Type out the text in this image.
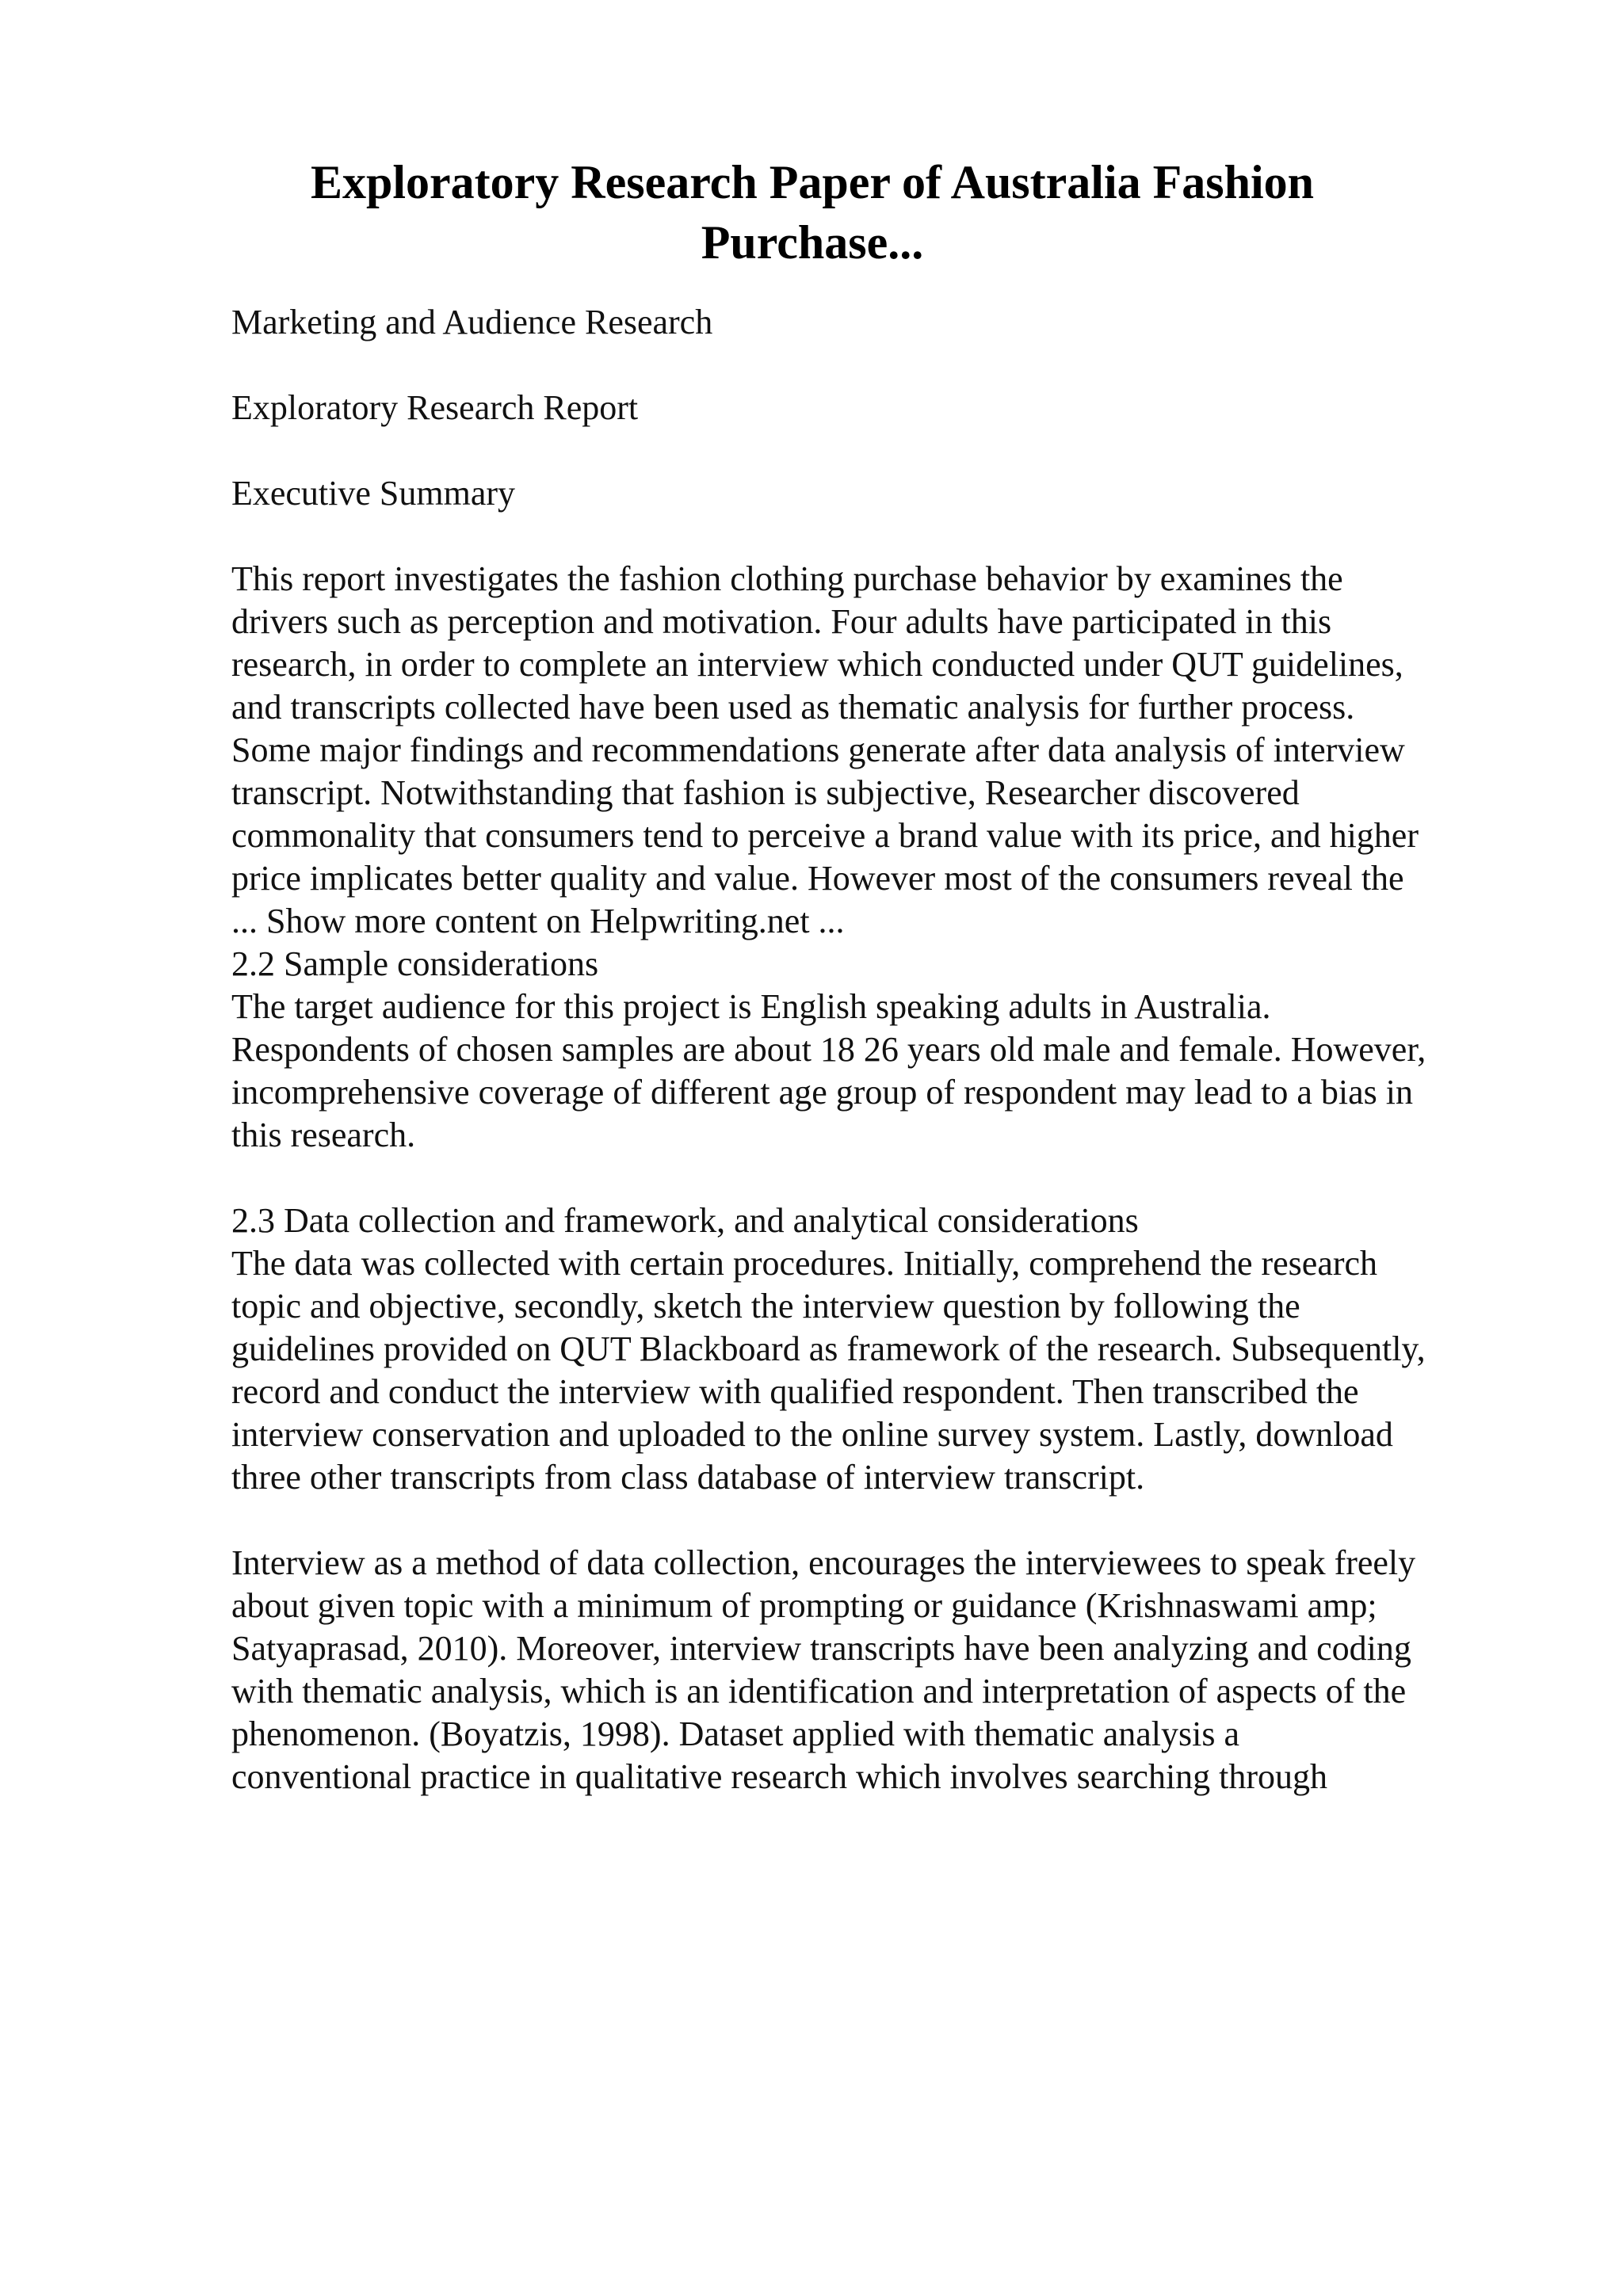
Exploratory Research Paper of Australia Fashion Purchase...

Marketing and Audience Research

Exploratory Research Report

Executive Summary

This report investigates the fashion clothing purchase behavior by examines the
drivers such as perception and motivation. Four adults have participated in this
research, in order to complete an interview which conducted under QUT guidelines,
and transcripts collected have been used as thematic analysis for further process.
Some major findings and recommendations generate after data analysis of interview
transcript. Notwithstanding that fashion is subjective, Researcher discovered
commonality that consumers tend to perceive a brand value with its price, and higher
price implicates better quality and value. However most of the consumers reveal the
... Show more content on Helpwriting.net ...
2.2 Sample considerations
The target audience for this project is English speaking adults in Australia.
Respondents of chosen samples are about 18 26 years old male and female. However,
incomprehensive coverage of different age group of respondent may lead to a bias in
this research.
2.3 Data collection and framework, and analytical considerations
The data was collected with certain procedures. Initially, comprehend the research
topic and objective, secondly, sketch the interview question by following the
guidelines provided on QUT Blackboard as framework of the research. Subsequently,
record and conduct the interview with qualified respondent. Then transcribed the
interview conservation and uploaded to the online survey system. Lastly, download
three other transcripts from class database of interview transcript.
Interview as a method of data collection, encourages the interviewees to speak freely
about given topic with a minimum of prompting or guidance (Krishnaswami amp;
Satyaprasad, 2010). Moreover, interview transcripts have been analyzing and coding
with thematic analysis, which is an identification and interpretation of aspects of the
phenomenon. (Boyatzis, 1998). Dataset applied with thematic analysis a
conventional practice in qualitative research which involves searching through
